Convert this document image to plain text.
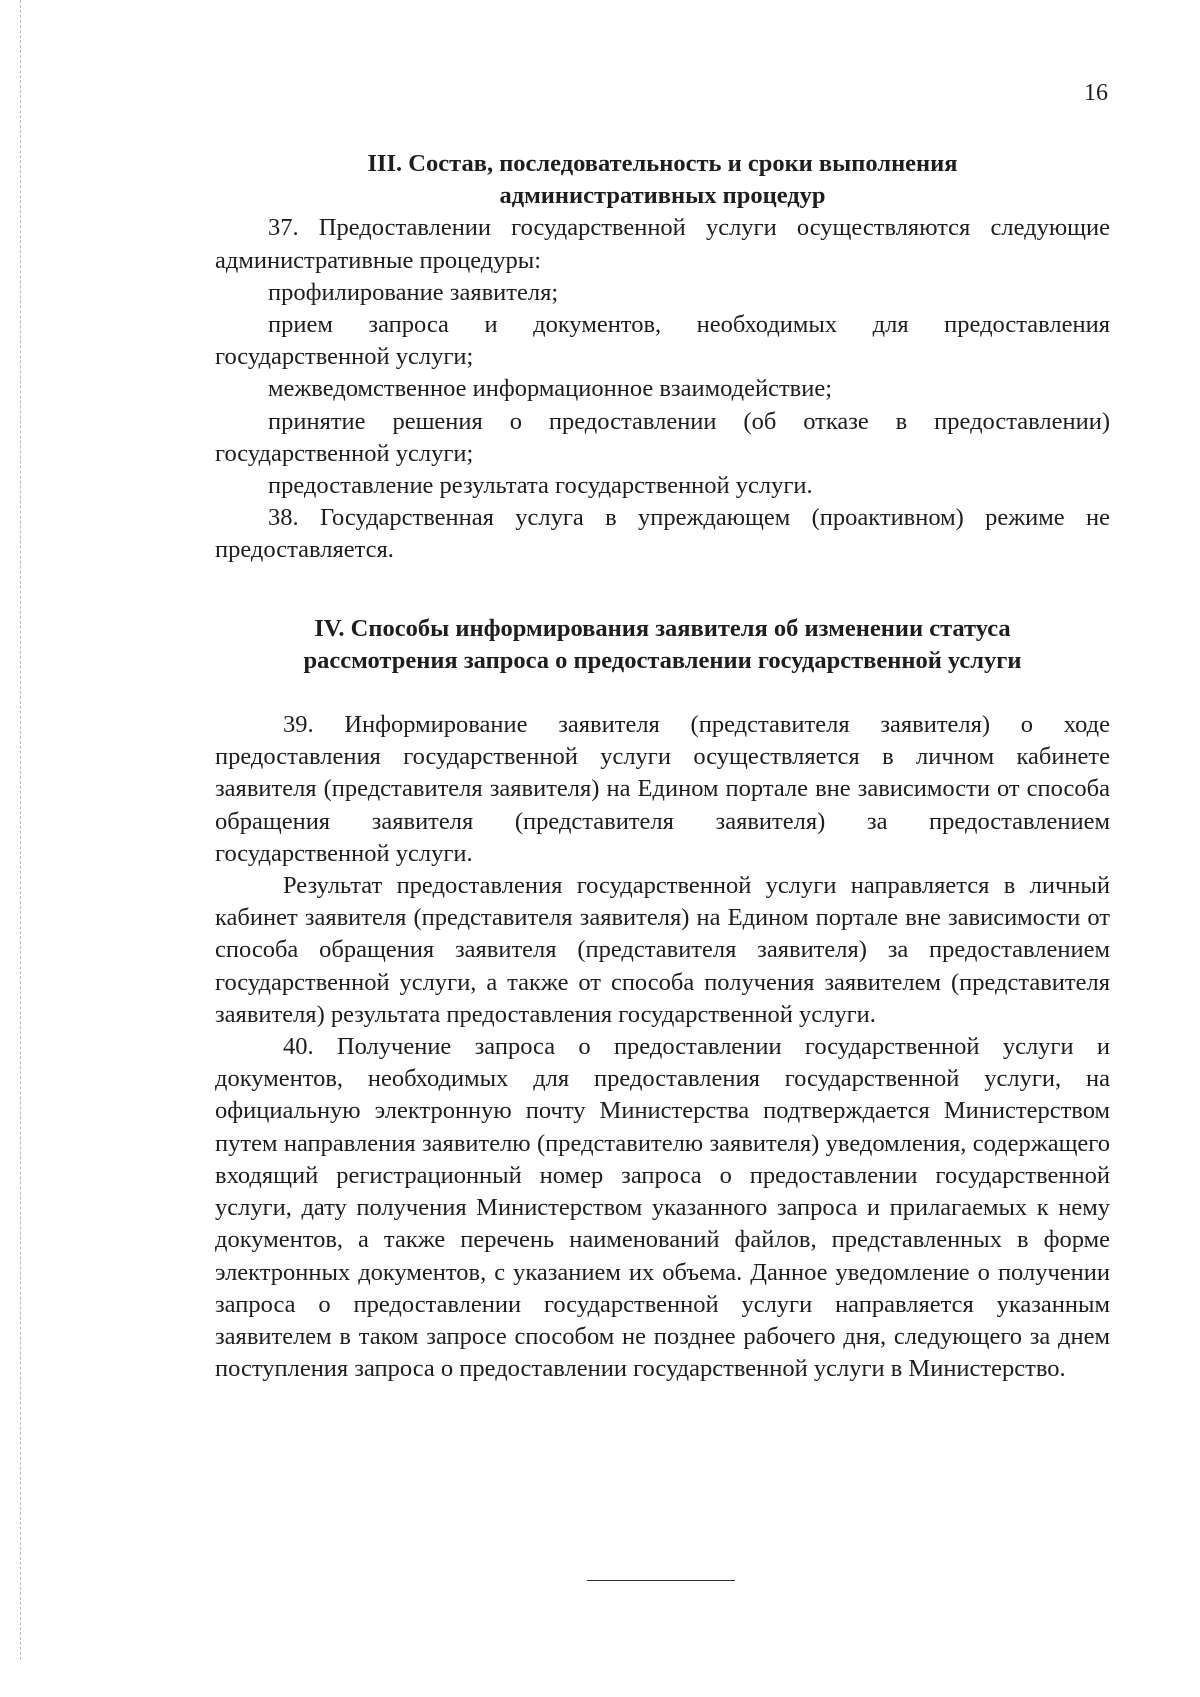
16
III. Состав, последовательность и сроки выполнения
административных процедур

37. Предоставлении государственной услуги осуществляются следующие административные процедуры:

профилирование заявителя;

прием запроса и документов, необходимых для предоставления государственной услуги;

межведомственное информационное взаимодействие;

принятие решения о предоставлении (об отказе в предоставлении) государственной услуги;

предоставление результата государственной услуги.

38. Государственная услуга в упреждающем (проактивном) режиме не предоставляется.

IV. Способы информирования заявителя об изменении статуса
рассмотрения запроса о предоставлении государственной услуги

39. Информирование заявителя (представителя заявителя) о ходе предоставления государственной услуги осуществляется в личном кабинете заявителя (представителя заявителя) на Едином портале вне зависимости от способа обращения заявителя (представителя заявителя) за предоставлением государственной услуги.

Результат предоставления государственной услуги направляется в личный кабинет заявителя (представителя заявителя) на Едином портале вне зависимости от способа обращения заявителя (представителя заявителя) за предоставлением государственной услуги, а также от способа получения заявителем (представителя заявителя) результата предоставления государственной услуги.

40. Получение запроса о предоставлении государственной услуги и документов, необходимых для предоставления государственной услуги, на официальную электронную почту Министерства подтверждается Министерством путем направления заявителю (представителю заявителя) уведомления, содержащего входящий регистрационный номер запроса о предоставлении государственной услуги, дату получения Министерством указанного запроса и прилагаемых к нему документов, а также перечень наименований файлов, представленных в форме электронных документов, с указанием их объема. Данное уведомление о получении запроса о предоставлении государственной услуги направляется указанным заявителем в таком запросе способом не позднее рабочего дня, следующего за днем поступления запроса о предоставлении государственной услуги в Министерство.
